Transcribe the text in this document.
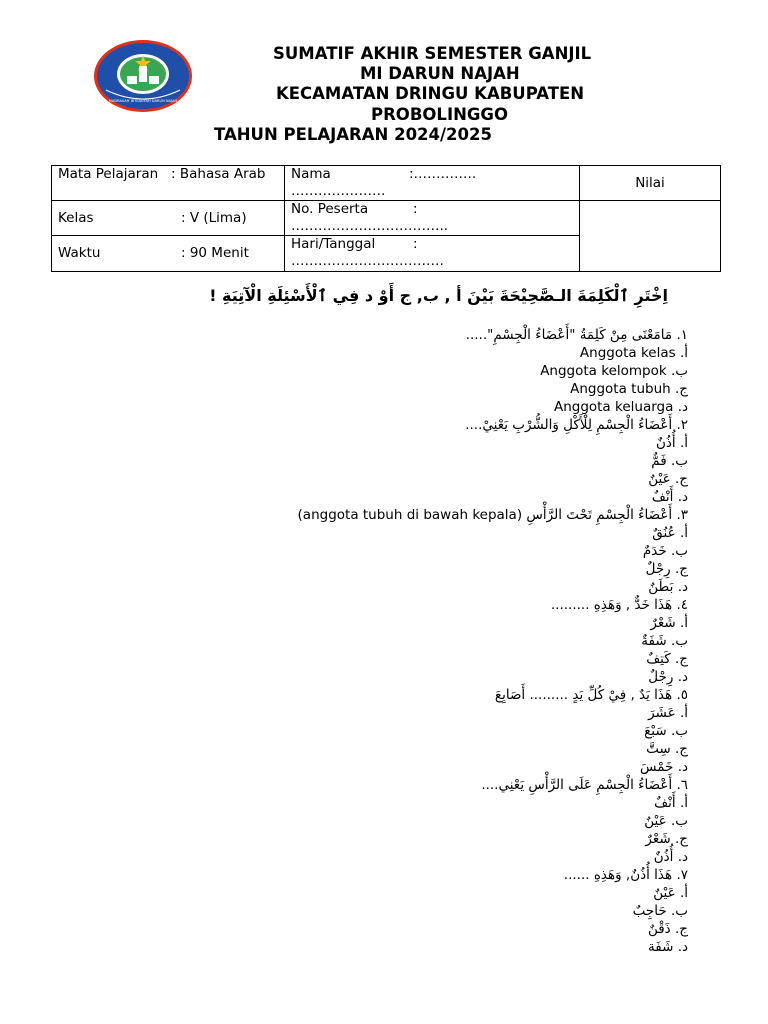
MADRASAH IBTIDAIYAH DARUN NAJAH
SUMATIF AKHIR SEMESTER GANJIL
MI DARUN NAJAH
KECAMATAN DRINGU KABUPATEN
PROBOLINGGO
TAHUN PELAJARAN 2024/2025
Mata Pelajaran : Bahasa Arab	Nama :………….. …………………	Nilai
Kelas : V (Lima)	No. Peserta : ……………………………..	
Waktu : 90 Menit	Hari/Tanggal : …………………………….	
اِخْتَرِ ٱلْكَلِمَةَ الـصَّحِيْحَةَ بَيْنَ أ , ب, ج أَوْ د فِي ٱلْأَسْئِلَةِ الْآتِيَةِ !
١. مَامَعْنَى مِنْ كَلِمَةُ "أَعْضَاءُ الْجِسْمِ".....
أ. Anggota kelas
ب. Anggota kelompok
ج. Anggota tubuh
د. Anggota keluarga
٢. أَعْضَاءُ الْجِسْمِ لِلْأَكْلِ وَالشُّرْبِ يَعْنِيْ....
أ. أُذُنٌ
ب. فَمٌّ
ج. عَيْنٌ
د. أَنْفٌ
٣. أَعْضَاءُ الْجِسْمِ تَحْتَ الرَّأْسِ (anggota tubuh di bawah kepala)
أ. عُنُقٌ
ب. خَدَمٌ
ج. رِجْلٌ
د. بَطَنٌ
٤. هَذَا خَدٌّ , وَهَذِهِ .........
أ. شَعْرٌ
ب. شَفَةٌ
ج. كَتِفٌ
د. رِجْلٌ
٥. هَذَا يَدٌ , فِيْ كُلِّ يَدٍ ......... أَصَابِعَ
أ. عَشَرَ
ب. سَبْعَ
ج. سِتَّ
د. خَمْسَ
٦. أَعْضَاءُ الْجِسْمِ عَلَى الرَّأْسِ يَعْنِي....
أ. أَنْفٌ
ب. عَيْنٌ
ج. شَعْرٌ
د. أُذُنٌ
٧. هَذَا أُذُنٌ, وَهَذِهِ ......
أ. عَيْنٌ
ب. حَاجِبٌ
ج. ذَقْنٌ
د. شَفَة
